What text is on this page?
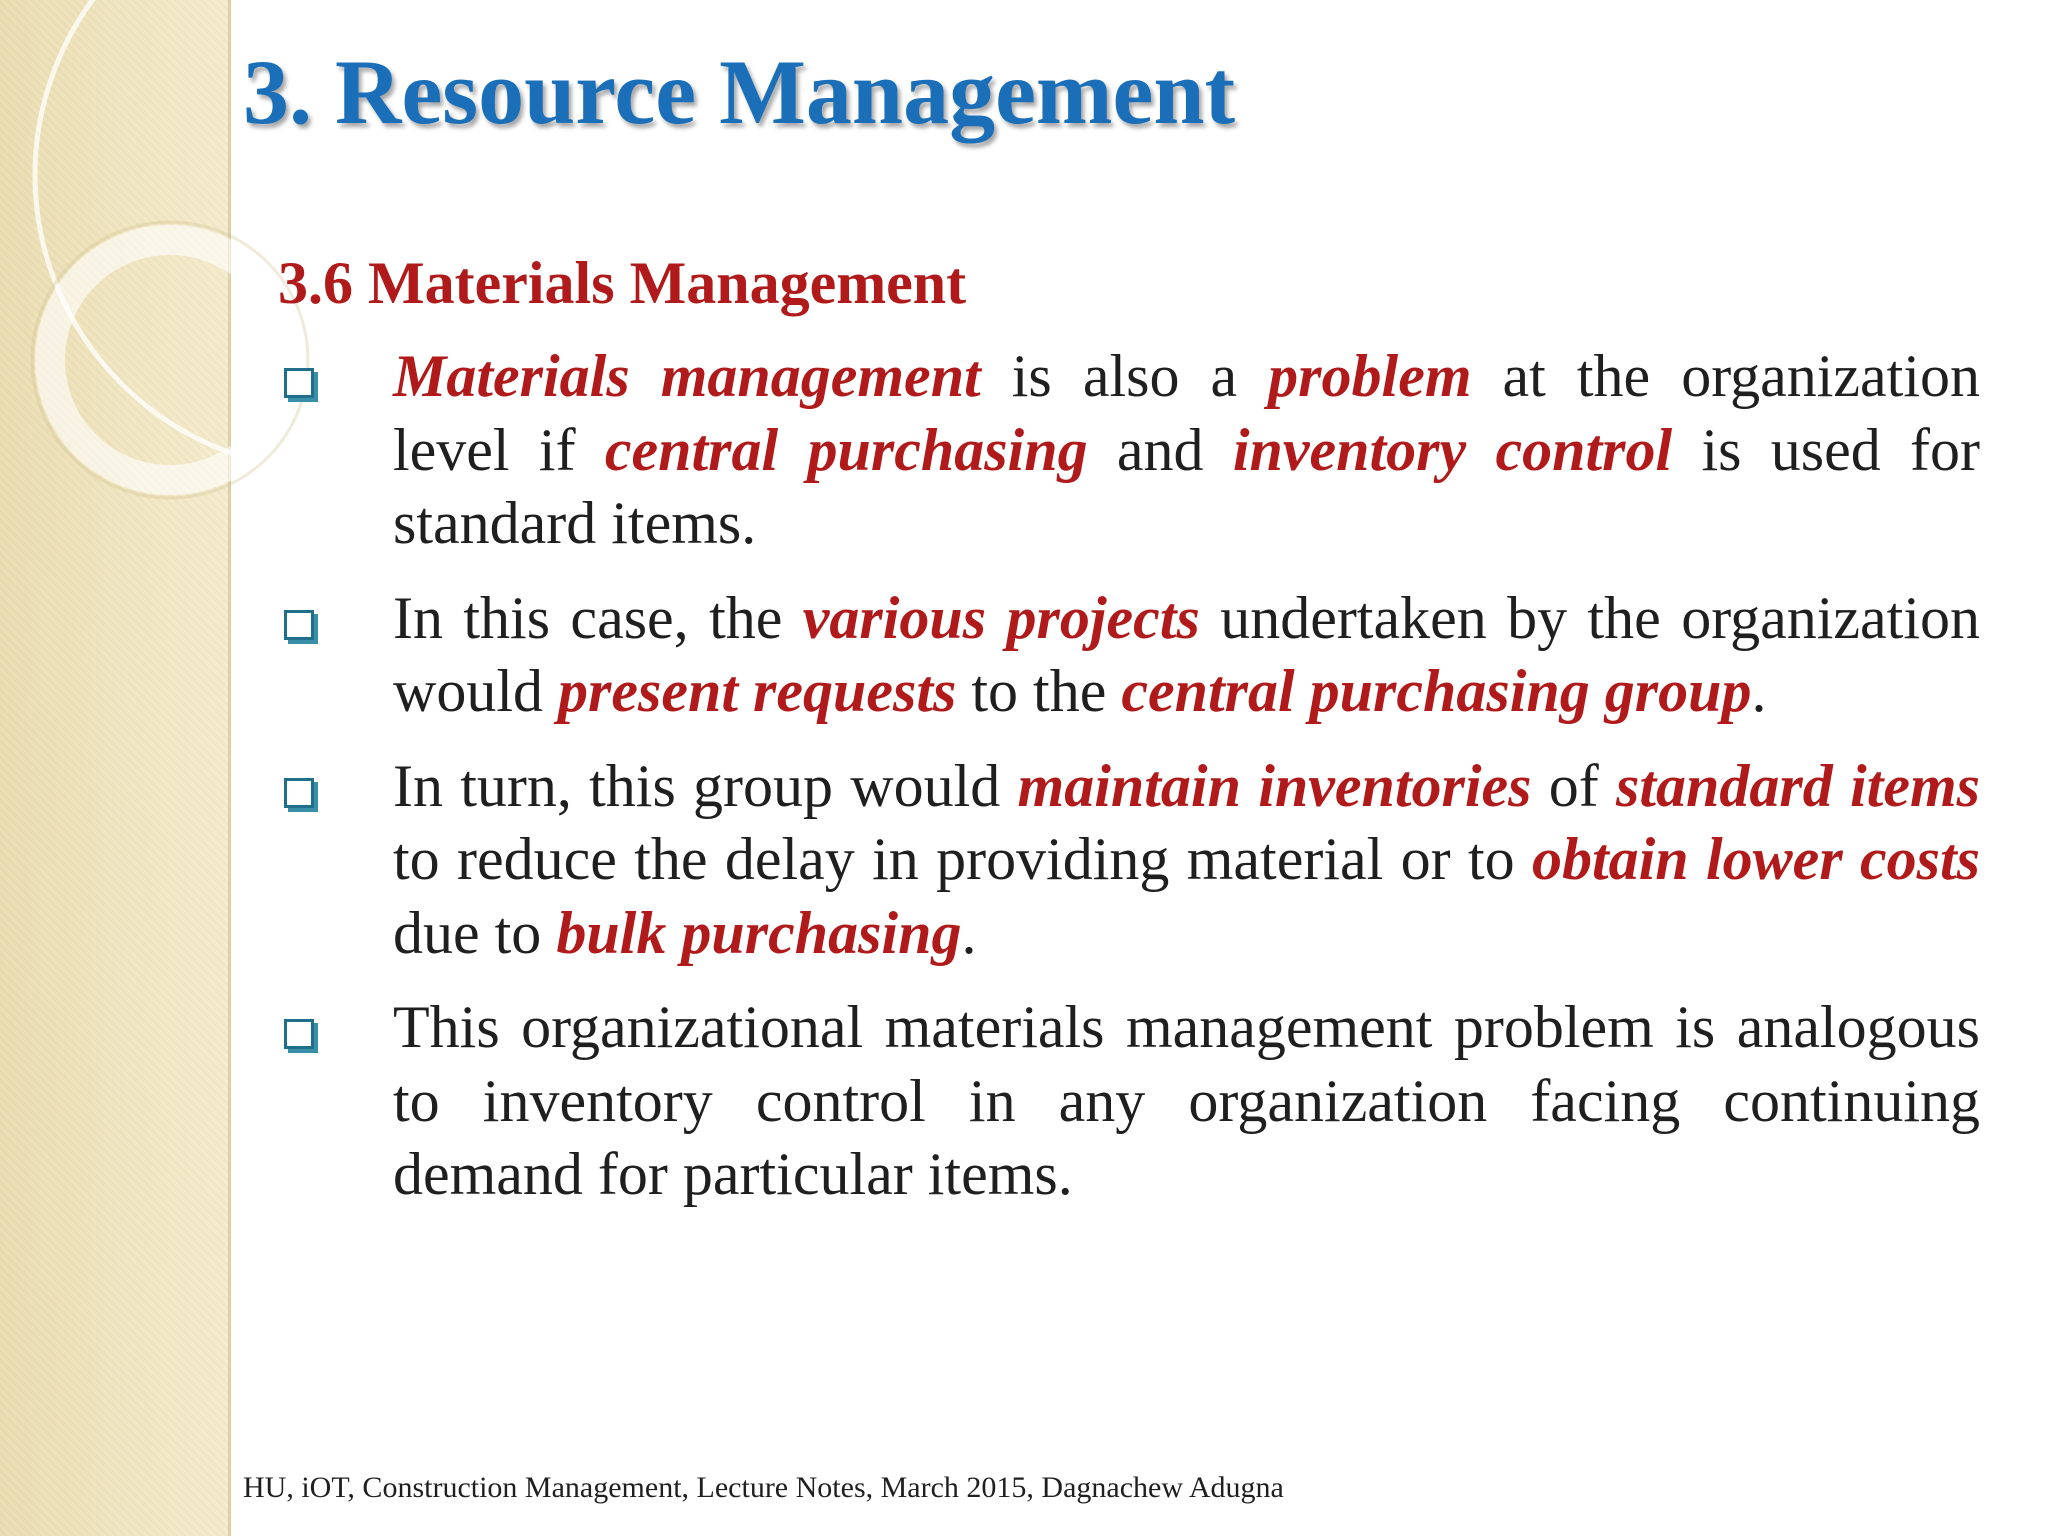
3. Resource Management
3.6 Materials Management
Materials management is also a problem at the organization level if central purchasing and inventory control is used for standard items.
In this case, the various projects undertaken by the organization would present requests to the central purchasing group.
In turn, this group would maintain inventories of standard items to reduce the delay in providing material or to obtain lower costs due to bulk purchasing.
This organizational materials management problem is analogous to inventory control in any organization facing continuing demand for particular items.

HU, iOT, Construction Management, Lecture Notes, March 2015, Dagnachew Adugna
